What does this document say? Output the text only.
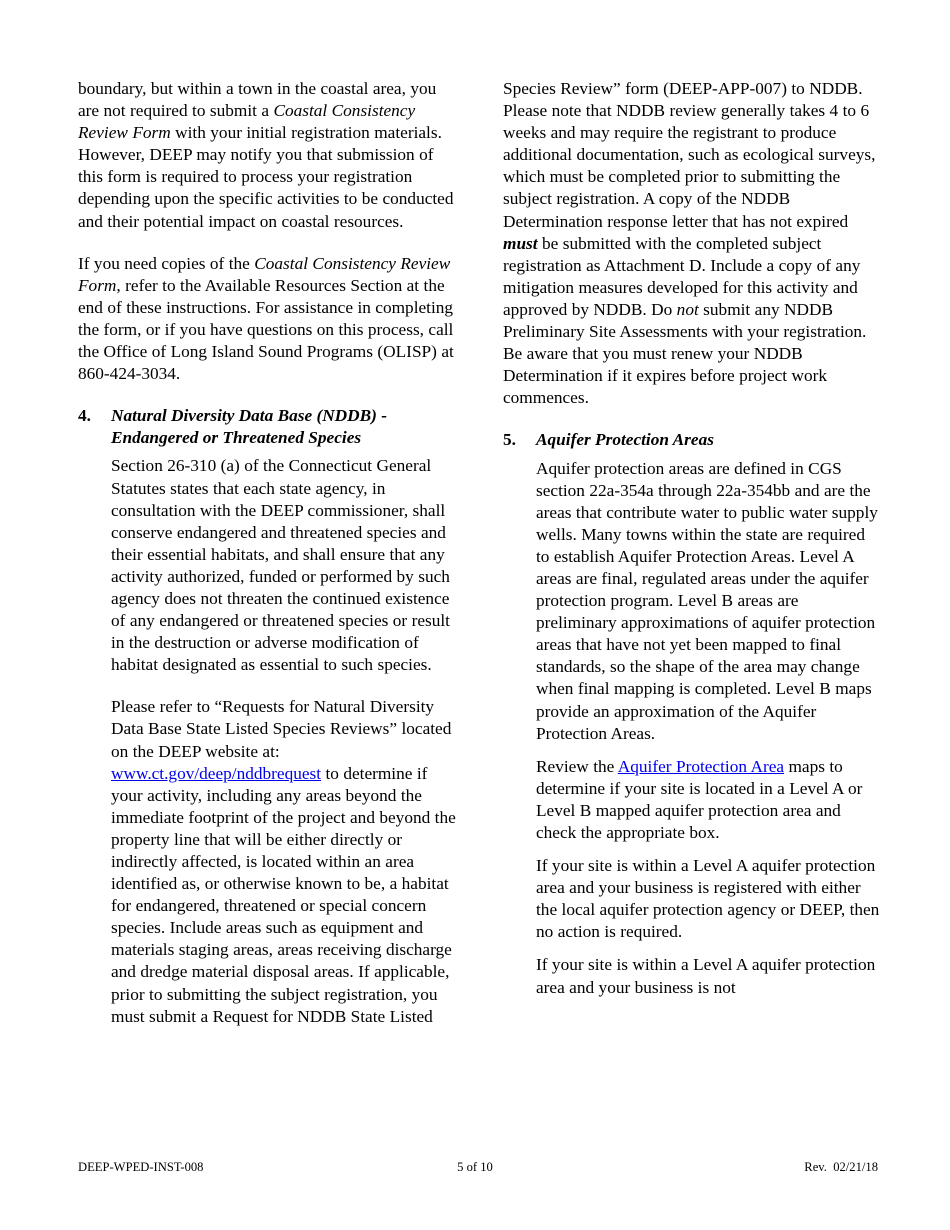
boundary, but within a town in the coastal area, you are not required to submit a Coastal Consistency Review Form with your initial registration materials. However, DEEP may notify you that submission of this form is required to process your registration depending upon the specific activities to be conducted and their potential impact on coastal resources.

If you need copies of the Coastal Consistency Review Form, refer to the Available Resources Section at the end of these instructions. For assistance in completing the form, or if you have questions on this process, call the Office of Long Island Sound Programs (OLISP) at 860-424-3034.

4.	Natural Diversity Data Base (NDDB) - Endangered or Threatened Species

Section 26-310 (a) of the Connecticut General Statutes states that each state agency, in consultation with the DEEP commissioner, shall conserve endangered and threatened species and their essential habitats, and shall ensure that any activity authorized, funded or performed by such agency does not threaten the continued existence of any endangered or threatened species or result in the destruction or adverse modification of habitat designated as essential to such species.

Please refer to “Requests for Natural Diversity Data Base State Listed Species Reviews” located on the DEEP website at: www.ct.gov/deep/nddbrequest to determine if your activity, including any areas beyond the immediate footprint of the project and beyond the property line that will be either directly or indirectly affected, is located within an area identified as, or otherwise known to be, a habitat for endangered, threatened or special concern species. Include areas such as equipment and materials staging areas, areas receiving discharge and dredge material disposal areas. If applicable, prior to submitting the subject registration, you must submit a Request for NDDB State Listed

Species Review” form (DEEP-APP-007) to NDDB. Please note that NDDB review generally takes 4 to 6 weeks and may require the registrant to produce additional documentation, such as ecological surveys, which must be completed prior to submitting the subject registration. A copy of the NDDB Determination response letter that has not expired must be submitted with the completed subject registration as Attachment D. Include a copy of any mitigation measures developed for this activity and approved by NDDB. Do not submit any NDDB Preliminary Site Assessments with your registration. Be aware that you must renew your NDDB Determination if it expires before project work commences.

5.	Aquifer Protection Areas

Aquifer protection areas are defined in CGS section 22a-354a through 22a-354bb and are the areas that contribute water to public water supply wells. Many towns within the state are required to establish Aquifer Protection Areas. Level A areas are final, regulated areas under the aquifer protection program. Level B areas are preliminary approximations of aquifer protection areas that have not yet been mapped to final standards, so the shape of the area may change when final mapping is completed. Level B maps provide an approximation of the Aquifer Protection Areas.

Review the Aquifer Protection Area maps to determine if your site is located in a Level A or Level B mapped aquifer protection area and check the appropriate box.

If your site is within a Level A aquifer protection area and your business is registered with either the local aquifer protection agency or DEEP, then no action is required.

If your site is within a Level A aquifer protection area and your business is not

DEEP-WPED-INST-008	5 of 10	Rev.  02/21/18
